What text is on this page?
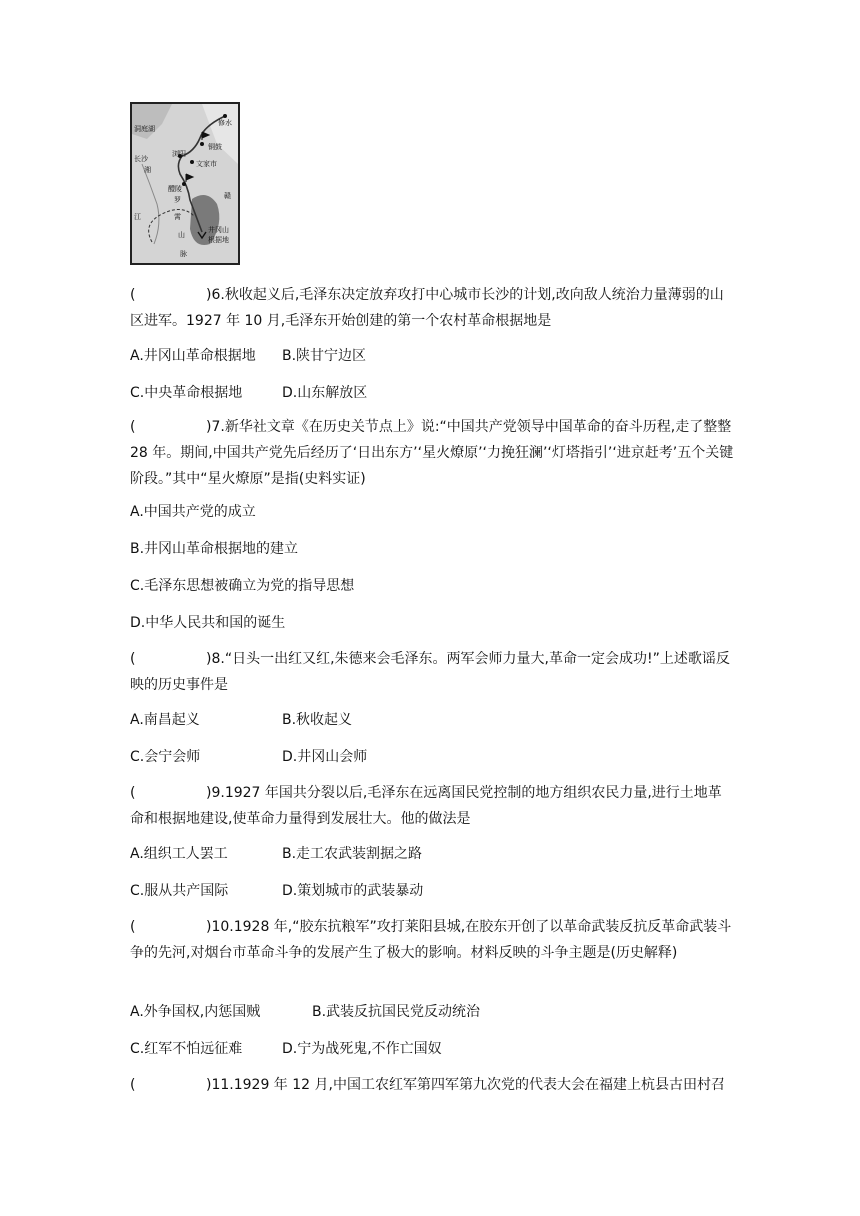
洞庭湖
修水
铜鼓
长沙
浏阳
文家市
湘
醴陵
罗	赣
江	霄
山
脉
井冈山
根据地
(	)6.秋收起义后,毛泽东决定放弃攻打中心城市长沙的计划,改向敌人统治力量薄弱的山区进军。1927 年 10 月,毛泽东开始创建的第一个农村革命根据地是
A.井冈山革命根据地 B.陕甘宁边区
C.中央革命根据地	D.山东解放区
(	)7.新华社文章《在历史关节点上》说:“中国共产党领导中国革命的奋斗历程,走了整整 28 年。期间,中国共产党先后经历了‘日出东方’‘星火燎原’‘力挽狂澜’‘灯塔指引’‘进京赶考’五个关键阶段。”其中“星火燎原”是指(史料实证)
A.中国共产党的成立
B.井冈山革命根据地的建立
C.毛泽东思想被确立为党的指导思想
D.中华人民共和国的诞生
(	)8.“日头一出红又红,朱德来会毛泽东。两军会师力量大,革命一定会成功!”上述歌谣反映的历史事件是
A.南昌起义	B.秋收起义
C.会宁会师	D.井冈山会师
(	)9.1927 年国共分裂以后,毛泽东在远离国民党控制的地方组织农民力量,进行土地革命和根据地建设,使革命力量得到发展壮大。他的做法是
A.组织工人罢工	B.走工农武装割据之路
C.服从共产国际	D.策划城市的武装暴动
(	)10.1928 年,“胶东抗粮军”攻打莱阳县城,在胶东开创了以革命武装反抗反革命武装斗争的先河,对烟台市革命斗争的发展产生了极大的影响。材料反映的斗争主题是(历史解释)
A.外争国权,内惩国贼	B.武装反抗国民党反动统治
C.红军不怕远征难	D.宁为战死鬼,不作亡国奴
(	)11.1929 年 12 月,中国工农红军第四军第九次党的代表大会在福建上杭县古田村召
